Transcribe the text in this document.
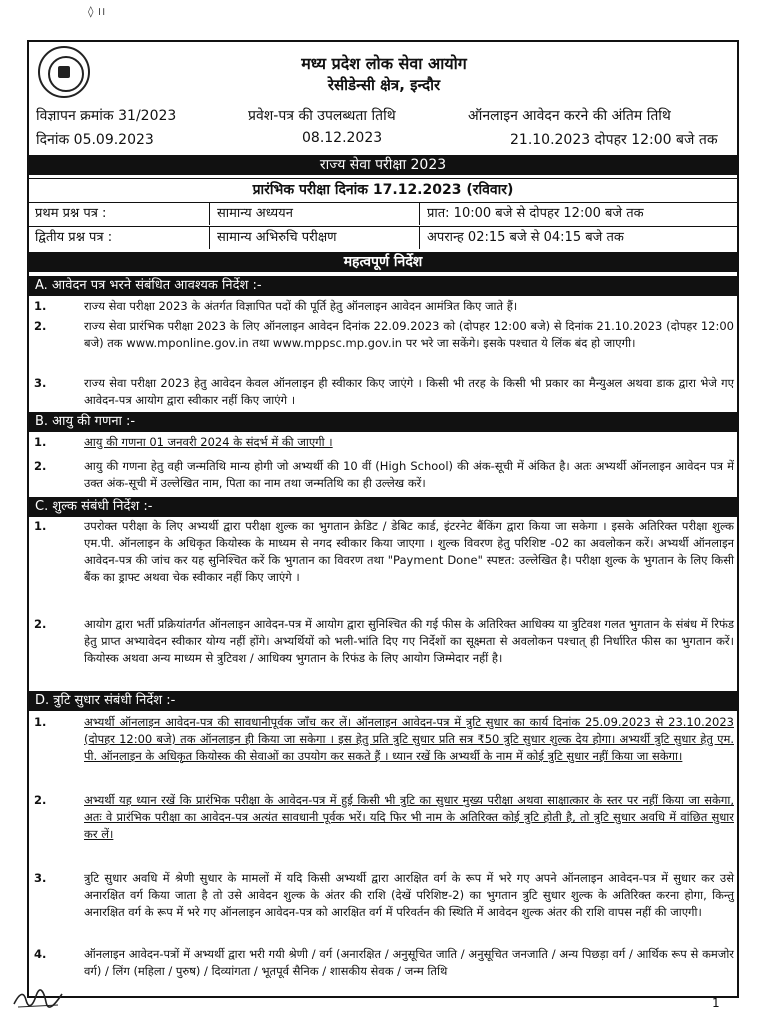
◊ ।।
मध्य प्रदेश लोक सेवा आयोग
रेसीडेन्सी क्षेत्र, इन्दौर
विज्ञापन क्रमांक 31/2023
दिनांक 05.09.2023
प्रवेश-पत्र की उपलब्धता तिथि
08.12.2023
ऑनलाइन आवेदन करने की अंतिम तिथि
21.10.2023 दोपहर 12:00 बजे तक
राज्य सेवा परीक्षा 2023
प्रारंभिक परीक्षा दिनांक 17.12.2023 (रविवार)
प्रथम प्रश्न पत्र :	सामान्य अध्ययन	प्रात: 10:00 बजे से दोपहर 12:00 बजे तक
द्वितीय प्रश्न पत्र :	सामान्य अभिरुचि परीक्षण	अपरान्ह 02:15 बजे से 04:15 बजे तक
महत्वपूर्ण निर्देश
A. आवेदन पत्र भरने संबंधित आवश्यक निर्देश :-
1.	राज्य सेवा परीक्षा 2023 के अंतर्गत विज्ञापित पदों की पूर्ति हेतु ऑनलाइन आवेदन आमंत्रित किए जाते हैं।
2.	राज्य सेवा प्रारंभिक परीक्षा 2023 के लिए ऑनलाइन आवेदन दिनांक 22.09.2023 को (दोपहर 12:00 बजे) से दिनांक 21.10.2023 (दोपहर 12:00 बजे) तक www.mponline.gov.in तथा www.mppsc.mp.gov.in पर भरे जा सकेंगे। इसके पश्चात ये लिंक बंद हो जाएगी।
3.	राज्य सेवा परीक्षा 2023 हेतु आवेदन केवल ऑनलाइन ही स्वीकार किए जाएंगे । किसी भी तरह के किसी भी प्रकार का मैन्युअल अथवा डाक द्वारा भेजे गए आवेदन-पत्र आयोग द्वारा स्वीकार नहीं किए जाएंगे ।
B. आयु की गणना :-
1.	आयु की गणना 01 जनवरी 2024 के संदर्भ में की जाएगी ।
2.	आयु की गणना हेतु वही जन्मतिथि मान्य होगी जो अभ्यर्थी की 10 वीं (High School) की अंक-सूची में अंकित है। अतः अभ्यर्थी ऑनलाइन आवेदन पत्र में उक्त अंक-सूची में उल्लेखित नाम, पिता का नाम तथा जन्मतिथि का ही उल्लेख करें।
C. शुल्क संबंधी निर्देश :-
1.	उपरोक्त परीक्षा के लिए अभ्यर्थी द्वारा परीक्षा शुल्क का भुगतान क्रेडिट / डेबिट कार्ड, इंटरनेट बैंकिंग द्वारा किया जा सकेगा । इसके अतिरिक्त परीक्षा शुल्क एम.पी. ऑनलाइन के अधिकृत कियोस्क के माध्यम से नगद स्वीकार किया जाएगा । शुल्क विवरण हेतु परिशिष्ट -02 का अवलोकन करें। अभ्यर्थी ऑनलाइन आवेदन-पत्र की जांच कर यह सुनिश्चित करें कि भुगतान का विवरण तथा "Payment Done" स्पष्टत: उल्लेखित है। परीक्षा शुल्क के भुगतान के लिए किसी बैंक का ड्राफ्ट अथवा चेक स्वीकार नहीं किए जाएंगे ।
2.	आयोग द्वारा भर्ती प्रक्रियांतर्गत ऑनलाइन आवेदन-पत्र में आयोग द्वारा सुनिश्चित की गई फीस के अतिरिक्त आधिक्य या त्रुटिवश गलत भुगतान के संबंध में रिफंड हेतु प्राप्त अभ्यावेदन स्वीकार योग्य नहीं होंगे। अभ्यर्थियों को भली-भांति दिए गए निर्देशों का सूक्ष्मता से अवलोकन पश्चात् ही निर्धारित फीस का भुगतान करें। कियोस्क अथवा अन्य माध्यम से त्रुटिवश / आधिक्य भुगतान के रिफंड के लिए आयोग जिम्मेदार नहीं है।
D. त्रुटि सुधार संबंधी निर्देश :-
1.	अभ्यर्थी ऑनलाइन आवेदन-पत्र की सावधानीपूर्वक जाँच कर लें। ऑनलाइन आवेदन-पत्र में त्रुटि सुधार का कार्य दिनांक 25.09.2023 से 23.10.2023 (दोपहर 12:00 बजे) तक ऑनलाइन ही किया जा सकेगा । इस हेतु प्रति त्रुटि सुधार प्रति सत्र ₹50 त्रुटि सुधार शुल्क देय होगा। अभ्यर्थी त्रुटि सुधार हेतु एम. पी. ऑनलाइन के अधिकृत कियोस्क की सेवाओं का उपयोग कर सकते हैं । ध्यान रखें कि अभ्यर्थी के नाम में कोई त्रुटि सुधार नहीं किया जा सकेगा।
2.	अभ्यर्थी यह ध्यान रखें कि प्रारंभिक परीक्षा के आवेदन-पत्र में हुई किसी भी त्रुटि का सुधार मुख्य परीक्षा अथवा साक्षात्कार के स्तर पर नहीं किया जा सकेगा, अतः वे प्रारंभिक परीक्षा का आवेदन-पत्र अत्यंत सावधानी पूर्वक भरें। यदि फिर भी नाम के अतिरिक्त कोई त्रुटि होती है, तो त्रुटि सुधार अवधि में वांछित सुधार कर लें।
3.	त्रुटि सुधार अवधि में श्रेणी सुधार के मामलों में यदि किसी अभ्यर्थी द्वारा आरक्षित वर्ग के रूप में भरे गए अपने ऑनलाइन आवेदन-पत्र में सुधार कर उसे अनारक्षित वर्ग किया जाता है तो उसे आवेदन शुल्क के अंतर की राशि (देखें परिशिष्ट-2) का भुगतान त्रुटि सुधार शुल्क के अतिरिक्त करना होगा, किन्तु अनारक्षित वर्ग के रूप में भरे गए ऑनलाइन आवेदन-पत्र को आरक्षित वर्ग में परिवर्तन की स्थिति में आवेदन शुल्क अंतर की राशि वापस नहीं की जाएगी।
4.	ऑनलाइन आवेदन-पत्रों में अभ्यर्थी द्वारा भरी गयी श्रेणी / वर्ग (अनारक्षित / अनुसूचित जाति / अनुसूचित जनजाति / अन्य पिछड़ा वर्ग / आर्थिक रूप से कमजोर वर्ग) / लिंग (महिला / पुरुष) / दिव्यांगता / भूतपूर्व सैनिक / शासकीय सेवक / जन्म तिथि
1
